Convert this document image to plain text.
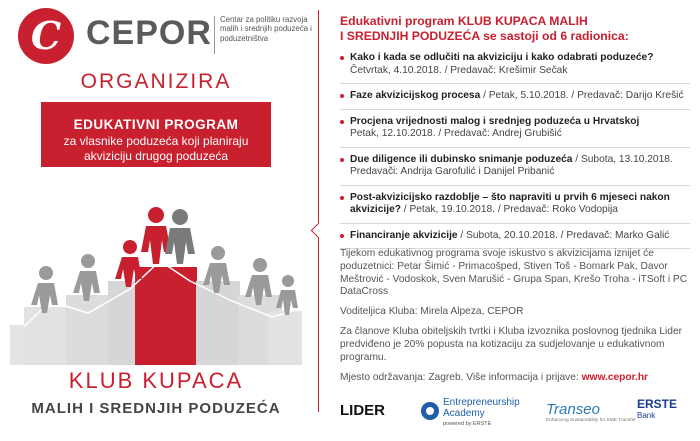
C CEPOR Centar za politiku razvoja malih i srednjih poduzeća i poduzetništva
ORGANIZIRA
EDUKATIVNI PROGRAM
za vlasnike poduzeća koji planiraju
akviziciju drugog poduzeća
KLUB KUPACA
MALIH I SREDNJIH PODUZEĆA
Edukativni program KLUB KUPACA MALIH
I SREDNJIH PODUZEĆA se sastoji od 6 radionica:
Kako i kada se odlučiti na akviziciju i kako odabrati poduzeće?
Četvrtak, 4.10.2018. / Predavač: Krešimir Sečak
Faze akvizicijskog procesa / Petak, 5.10.2018. / Predavač: Darijo Krešić
Procjena vrijednosti malog i srednjeg poduzeća u Hrvatskoj
Petak, 12.10.2018. / Predavač: Andrej Grubišić
Due diligence ili dubinsko snimanje poduzeća / Subota, 13.10.2018. Predavači: Andrija Garofulić i Danijel Pribanić
Post-akvizicijsko razdoblje – što napraviti u prvih 6 mjeseci nakon akvizicije? / Petak, 19.10.2018. / Predavač: Roko Vodopija
Financiranje akvizicije / Subota, 20.10.2018. / Predavač: Marko Galić
Tijekom edukativnog programa svoje iskustvo s akvizicijama iznijet će poduzetnici: Petar Šimić - Primacošped, Stiven Toš - Bomark Pak, Davor Meštrović - Vodoskok, Sven Marušić - Grupa Span, Krešo Troha - iTSoft i PC DataCross
Voditeljica Kluba: Mirela Alpeza, CEPOR
Za članove Kluba obiteljskih tvrtki i Kluba izvoznika poslovnog tjednika Lider predviđeno je 20% popusta na kotizaciju za sudjelovanje u edukativnom programu.
Mjesto održavanja: Zagreb. Više informacija i prijave: www.cepor.hr
LIDER	Entrepreneurship
Academy
powered by ERSTE
Transeo
Enhancing Sustainability for SME Transfer
ERSTE
Bank
